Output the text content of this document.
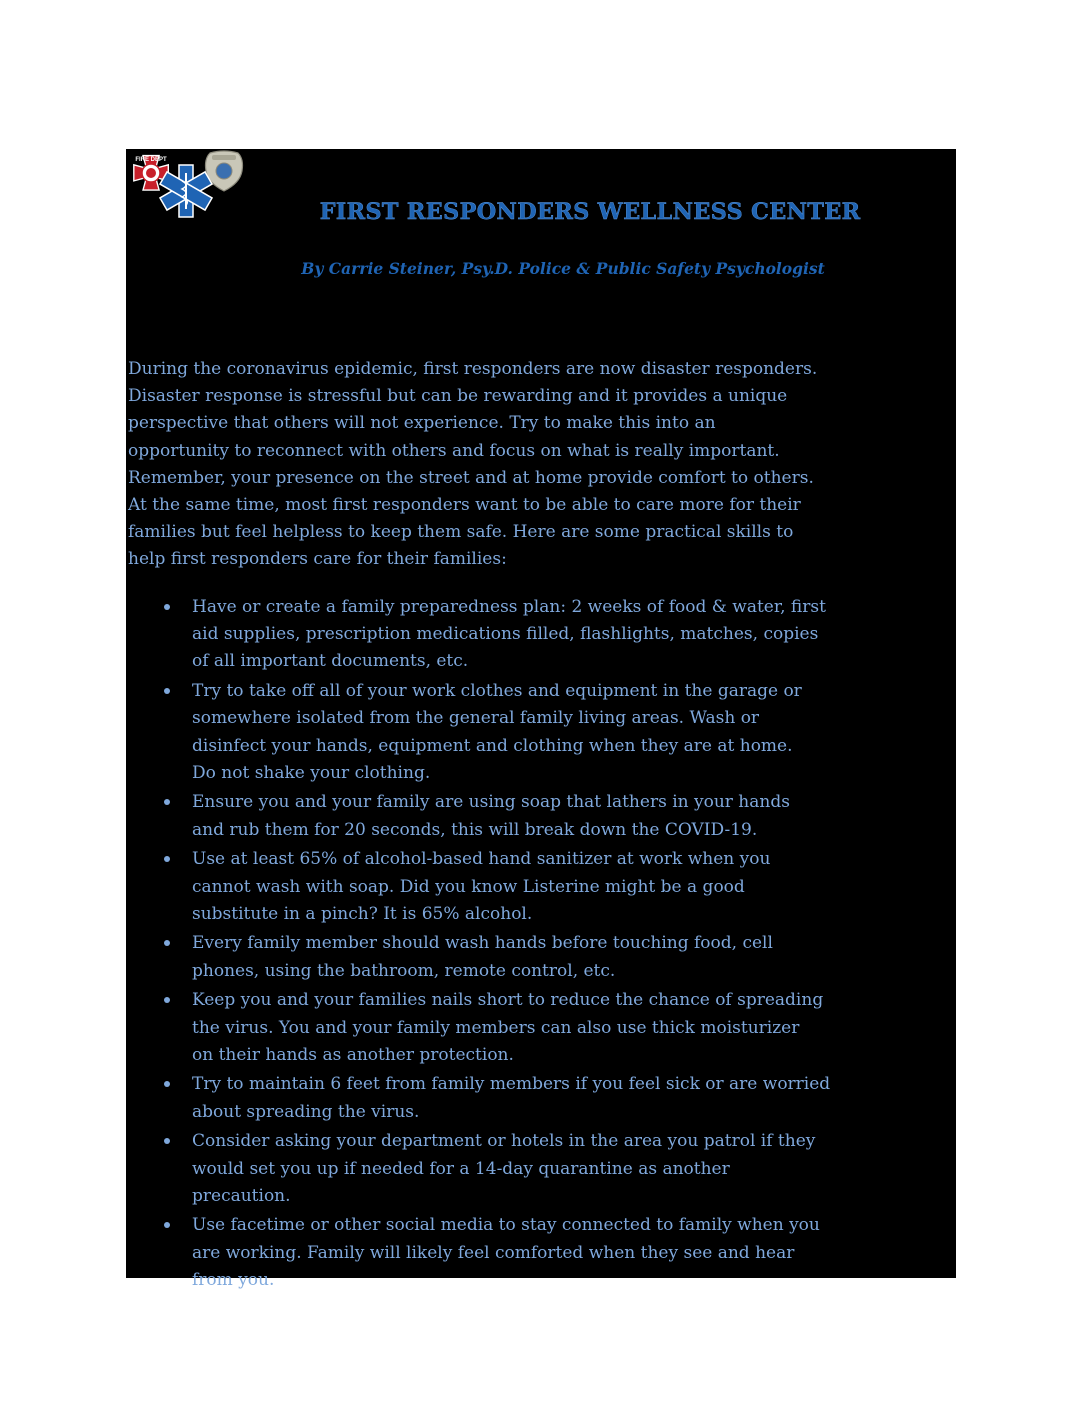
FIRE DEPT
FIRST RESPONDERS WELLNESS CENTER

By Carrie Steiner, Psy.D. Police & Public Safety Psychologist

During the coronavirus epidemic, first responders are now disaster responders.
Disaster response is stressful but can be rewarding and it provides a unique
perspective that others will not experience. Try to make this into an
opportunity to reconnect with others and focus on what is really important.
Remember, your presence on the street and at home provide comfort to others.
At the same time, most first responders want to be able to care more for their
families but feel helpless to keep them safe. Here are some practical skills to
help first responders care for their families:

Have or create a family preparedness plan: 2 weeks of food & water, first
aid supplies, prescription medications filled, flashlights, matches, copies
of all important documents, etc.
Try to take off all of your work clothes and equipment in the garage or
somewhere isolated from the general family living areas. Wash or
disinfect your hands, equipment and clothing when they are at home.
Do not shake your clothing.
Ensure you and your family are using soap that lathers in your hands
and rub them for 20 seconds, this will break down the COVID-19.
Use at least 65% of alcohol-based hand sanitizer at work when you
cannot wash with soap. Did you know Listerine might be a good
substitute in a pinch? It is 65% alcohol.
Every family member should wash hands before touching food, cell
phones, using the bathroom, remote control, etc.
Keep you and your families nails short to reduce the chance of spreading
the virus. You and your family members can also use thick moisturizer
on their hands as another protection.
Try to maintain 6 feet from family members if you feel sick or are worried
about spreading the virus.
Consider asking your department or hotels in the area you patrol if they
would set you up if needed for a 14-day quarantine as another
precaution.
Use facetime or other social media to stay connected to family when you
are working. Family will likely feel comforted when they see and hear
from you.
